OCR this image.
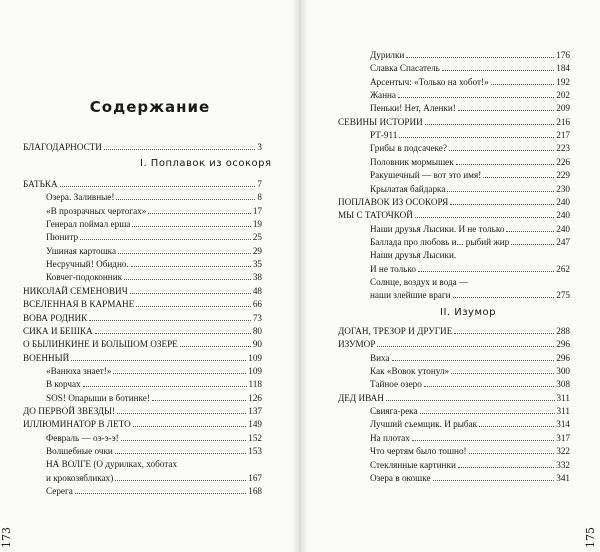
Содержание
БЛАГОДАРНОСТИ	3
БАТЬКА	7
Озера. Заливные!	8
«В прозрачных чертогах»	17
Генерал поймал ерша	19
Пюнитр	25
Ушиная картошка	29
Несручный! Обидно.	35
Ковчег-подоконник	38
НИКОЛАЙ СЕМЕНОВИЧ	48
ВСЕЛЕННАЯ В КАРМАНЕ	66
ВОВА РОДНИК	73
СИКА И БЕШКА	80
О БЫЛИНКИНЕ И БОЛЬШОМ ОЗЕРЕ	90
ВОЕННЫЙ	109
«Ванюха знает!»	109
В корчах	118
SOS! Опарыши в ботинке!	126
ДО ПЕРВОЙ ЗВЕЗДЫ!	137
ИЛЛЮМИНАТОР В ЛЕТО	149
Февраль — оэ-э-э!	152
Волшебные очки	153
НА ВОЛГЕ (О дурилках, хоботах
и крокозябликах)	167
Серега	168
I. Поплавок из осокоря
173
Дурилки	176
Славка Спасатель	184
Арсентыч: «Только на хобот!»	192
Жанна	202
Пеньки! Нет, Аленки!	209
СЕВИНЫ ИСТОРИИ	216
РТ-911	217
Грибы в подсачеке?	223
Половник мормышек	226
Ракушечный — вот это имя!	229
Крылатая байдарка	230
ПОПЛАВОК ИЗ ОСОКОРЯ	240
МЫ С ТАТОЧКОЙ	240
Наши друзья Лысики. И не только	240
Баллада про любовь и... рыбий жир	247
Наши друзья Лысики.
И не только	262
Солнце, воздух и вода —
наши злейшие враги	275
ДОГАН, ТРЕЗОР И ДРУГИЕ	288
ИЗУМОР	296
Виха	296
Как «Вовок утонул»	300
Тайное озеро	308
ДЕД ИВАН	311
Свияга-река	311
Лучший съемщик. И рыбак	314
На плотах	317
Что чертям было тошно!	322
Стеклянные картинки	332
Озера в окошке	341
II. Изумор
175
